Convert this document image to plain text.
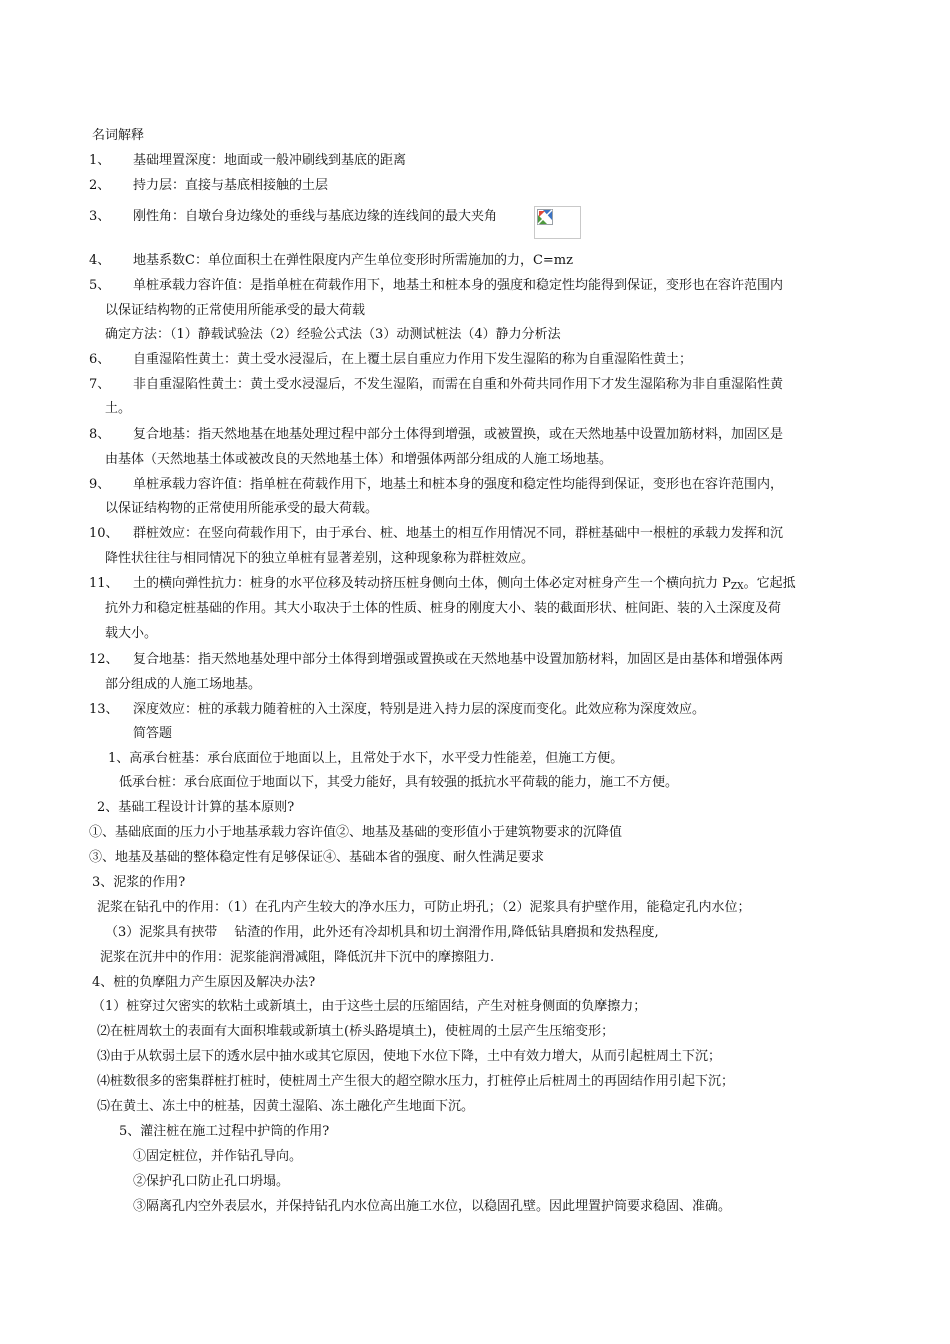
名词解释
1、 基础埋置深度：地面或一般冲刷线到基底的距离
2、 持力层：直接与基底相接触的土层
3、 刚性角：自墩台身边缘处的垂线与基底边缘的连线间的最大夹角
4、 地基系数C：单位面积土在弹性限度内产生单位变形时所需施加的力，C=mz
5、 单桩承载力容许值：是指单桩在荷载作用下，地基土和桩本身的强度和稳定性均能得到保证，变形也在容许范围内
以保证结构物的正常使用所能承受的最大荷载
确定方法：（1）静载试验法（2）经验公式法（3）动测试桩法（4）静力分析法
6、 自重湿陷性黄土：黄土受水浸湿后，在上覆土层自重应力作用下发生湿陷的称为自重湿陷性黄土；
7、 非自重湿陷性黄土：黄土受水浸湿后，不发生湿陷，而需在自重和外荷共同作用下才发生湿陷称为非自重湿陷性黄
土。
8、 复合地基：指天然地基在地基处理过程中部分土体得到增强，或被置换，或在天然地基中设置加筋材料，加固区是
由基体（天然地基土体或被改良的天然地基土体）和增强体两部分组成的人施工场地基。
9、 单桩承载力容许值：指单桩在荷载作用下，地基土和桩本身的强度和稳定性均能得到保证，变形也在容许范围内，
以保证结构物的正常使用所能承受的最大荷载。
10、 群桩效应：在竖向荷载作用下，由于承台、桩、地基土的相互作用情况不同，群桩基础中一根桩的承载力发挥和沉
降性状往往与相同情况下的独立单桩有显著差别，这种现象称为群桩效应。
11、 土的横向弹性抗力：桩身的水平位移及转动挤压桩身侧向土体，侧向土体必定对桩身产生一个横向抗力 $P_{ZX}$。它起抵
抗外力和稳定桩基础的作用。其大小取决于土体的性质、桩身的刚度大小、装的截面形状、桩间距、装的入土深度及荷
载大小。
12、 复合地基：指天然地基处理中部分土体得到增强或置换或在天然地基中设置加筋材料，加固区是由基体和增强体两
部分组成的人施工场地基。
13、 深度效应：桩的承载力随着桩的入土深度，特别是进入持力层的深度而变化。此效应称为深度效应。
简答题
1、高承台桩基：承台底面位于地面以上，且常处于水下，水平受力性能差，但施工方便。
低承台桩：承台底面位于地面以下，其受力能好，具有较强的抵抗水平荷载的能力，施工不方便。
2、基础工程设计计算的基本原则?
①、基础底面的压力小于地基承载力容许值②、地基及基础的变形值小于建筑物要求的沉降值
③、地基及基础的整体稳定性有足够保证④、基础本省的强度、耐久性满足要求
3、泥浆的作用?
泥浆在钻孔中的作用：（1）在孔内产生较大的净水压力，可防止坍孔；（2）泥浆具有护壁作用，能稳定孔内水位；
（3）泥浆具有挟带　 钻渣的作用，此外还有冷却机具和切土润滑作用,降低钻具磨损和发热程度,
泥浆在沉井中的作用：泥浆能润滑减阻，降低沉井下沉中的摩擦阻力.
4、桩的负摩阻力产生原因及解决办法?
（1）桩穿过欠密实的软粘土或新填土，由于这些土层的压缩固结，产生对桩身侧面的负摩擦力；
⑵在桩周软土的表面有大面积堆载或新填土(桥头路堤填土)，使桩周的土层产生压缩变形；
⑶由于从软弱土层下的透水层中抽水或其它原因，使地下水位下降，土中有效力增大，从而引起桩周土下沉；
⑷桩数很多的密集群桩打桩时，使桩周土产生很大的超空隙水压力，打桩停止后桩周土的再固结作用引起下沉；
⑸在黄土、冻土中的桩基，因黄土湿陷、冻土融化产生地面下沉。
5、灌注桩在施工过程中护筒的作用?
①固定桩位，并作钻孔导向。
②保护孔口防止孔口坍塌。
③隔离孔内空外表层水，并保持钻孔内水位高出施工水位，以稳固孔壁。因此埋置护筒要求稳固、准确。
